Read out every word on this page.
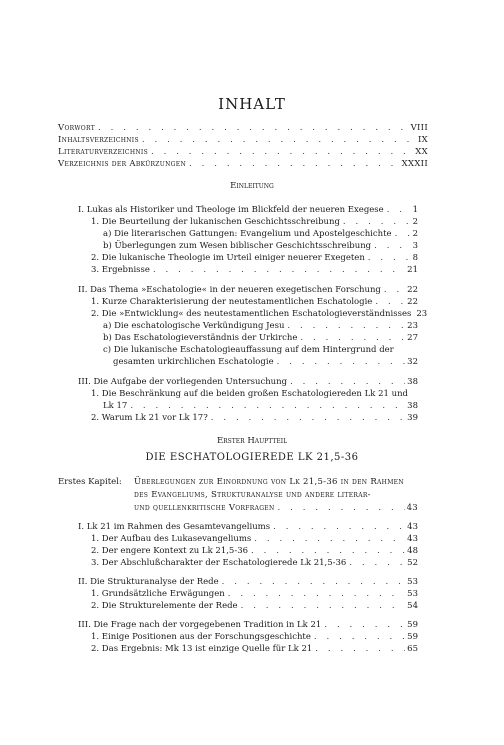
INHALT
Vorwort . . .	VIII
Inhaltsverzeichnis . . .	IX
Literaturverzeichnis . . .	XX
Verzeichnis der Abkürzungen . . .	XXXII
Einleitung
I. Lukas als Historiker und Theologe im Blickfeld der neueren Exegese . . .	1
1. Die Beurteilung der lukanischen Geschichtsschreibung . . .	2
a) Die literarischen Gattungen: Evangelium und Apostelgeschichte . . . 2
b) Überlegungen zum Wesen biblischer Geschichtsschreibung . . .	3
2. Die lukanische Theologie im Urteil einiger neuerer Exegeten . . .	8
3. Ergebnisse . . .	21
II. Das Thema »Eschatologie« in der neueren exegetischen Forschung . . .	22
1. Kurze Charakterisierung der neutestamentlichen Eschatologie . . .	22
2. Die »Entwicklung« des neutestamentlichen Eschatologieverständnisses . . . 23
a) Die eschatologische Verkündigung Jesu . . .	23
b) Das Eschatologieverständnis der Urkirche . . .	27
c) Die lukanische Eschatologieauffassung auf dem Hintergrund der
gesamten urkirchlichen Eschatologie . . .	32
III. Die Aufgabe der vorliegenden Untersuchung . . .	38
1. Die Beschränkung auf die beiden großen Eschatologiereden Lk 21 und
Lk 17 . . .	38
2. Warum Lk 21 vor Lk 17? . . .	39
Erster Hauptteil
DIE ESCHATOLOGIEREDE LK 21,5-36
Erstes Kapitel: Überlegungen zur Einordnung von Lk 21,5-36 in den Rahmen
des Evangeliums, Strukturanalyse und andere literar-
und quellenkritische Vorfragen . . .	43
I. Lk 21 im Rahmen des Gesamtevangeliums . . .	43
1. Der Aufbau des Lukasevangeliums . . .	43
2. Der engere Kontext zu Lk 21,5-36 . . .	48
3. Der Abschlußcharakter der Eschatologierede Lk 21,5-36 . . .	52
II. Die Strukturanalyse der Rede . . .	53
1. Grundsätzliche Erwägungen . . .	53
2. Die Strukturelemente der Rede . . .	54
III. Die Frage nach der vorgegebenen Tradition in Lk 21 . . .	59
1. Einige Positionen aus der Forschungsgeschichte . . .	59
2. Das Ergebnis: Mk 13 ist einzige Quelle für Lk 21 . . .	65
